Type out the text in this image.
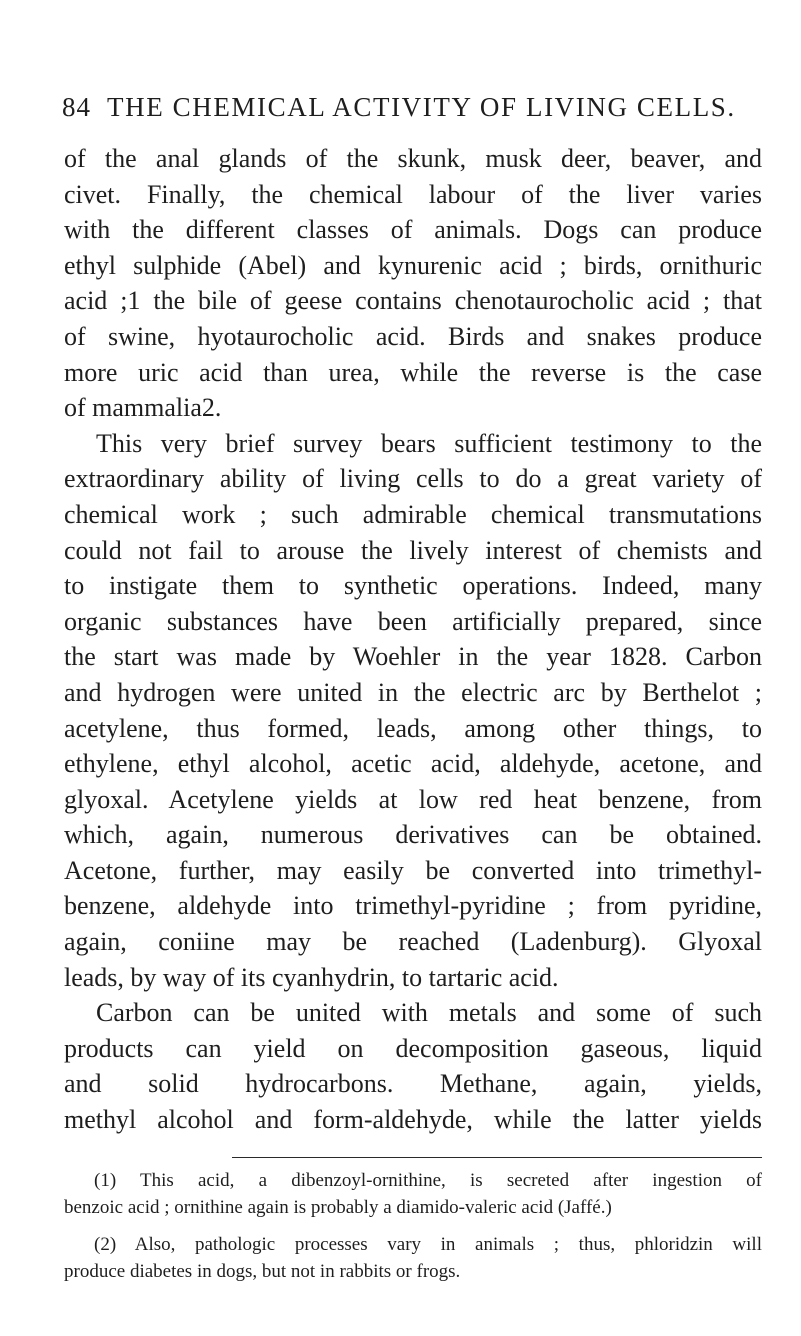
84 THE CHEMICAL ACTIVITY OF LIVING CELLS.
of the anal glands of the skunk, musk deer, beaver, and
civet. Finally, the chemical labour of the liver varies
with the different classes of animals. Dogs can produce
ethyl sulphide (Abel) and kynurenic acid ; birds, ornithuric
acid ;1 the bile of geese contains chenotaurocholic acid ; that
of swine, hyotaurocholic acid. Birds and snakes produce
more uric acid than urea, while the reverse is the case
of mammalia2.
This very brief survey bears sufficient testimony to the
extraordinary ability of living cells to do a great variety of
chemical work ; such admirable chemical transmutations
could not fail to arouse the lively interest of chemists and
to instigate them to synthetic operations. Indeed, many
organic substances have been artificially prepared, since
the start was made by Woehler in the year 1828. Carbon
and hydrogen were united in the electric arc by Berthelot ;
acetylene, thus formed, leads, among other things, to
ethylene, ethyl alcohol, acetic acid, aldehyde, acetone, and
glyoxal. Acetylene yields at low red heat benzene, from
which, again, numerous derivatives can be obtained.
Acetone, further, may easily be converted into trimethyl-
benzene, aldehyde into trimethyl-pyridine ; from pyridine,
again, coniine may be reached (Ladenburg). Glyoxal
leads, by way of its cyanhydrin, to tartaric acid.
Carbon can be united with metals and some of such
products can yield on decomposition gaseous, liquid
and solid hydrocarbons. Methane, again, yields,
methyl alcohol and form-aldehyde, while the latter yields
(1) This acid, a dibenzoyl-ornithine, is secreted after ingestion of
benzoic acid ; ornithine again is probably a diamido-valeric acid (Jaffé.)
(2) Also, pathologic processes vary in animals ; thus, phloridzin will
produce diabetes in dogs, but not in rabbits or frogs.
